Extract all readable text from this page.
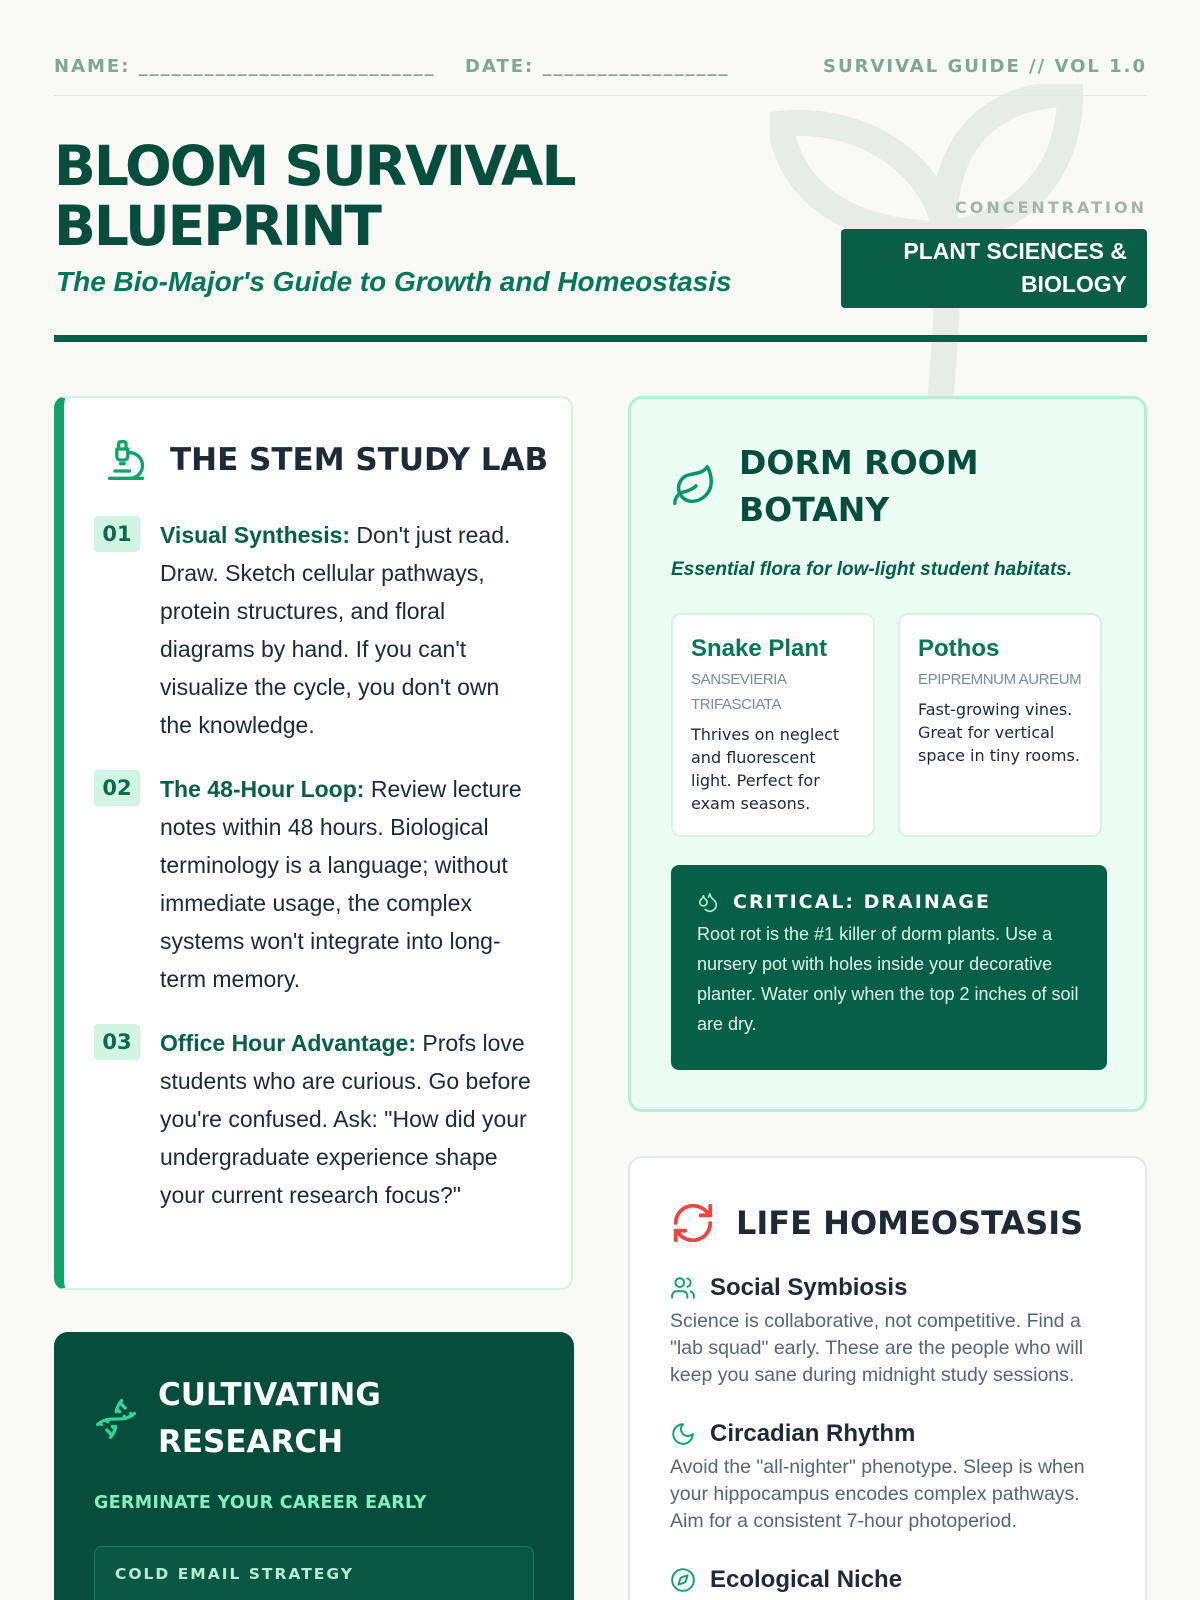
NAME: ___________________________ DATE: _________________	SURVIVAL GUIDE // VOL 1.0
BLOOM SURVIVAL
BLUEPRINT
The Bio-Major's Guide to Growth and Homeostasis
CONCENTRATION
PLANT SCIENCES &
BIOLOGY
THE STEM STUDY LAB
01	Visual Synthesis: Don't just read. Draw. Sketch cellular pathways, protein structures, and floral diagrams by hand. If you can't visualize the cycle, you don't own the knowledge.
02	The 48-Hour Loop: Review lecture notes within 48 hours. Biological terminology is a language; without immediate usage, the complex systems won't integrate into long-term memory.
03	Office Hour Advantage: Profs love students who are curious. Go before you're confused. Ask: "How did your undergraduate experience shape your current research focus?"
DORM ROOM
BOTANY
Essential flora for low-light student habitats.
Snake Plant
SANSEVIERIA
TRIFASCIATA
Thrives on neglect and fluorescent light. Perfect for exam seasons.
Pothos
EPIPREMNUM AUREUM
Fast-growing vines. Great for vertical space in tiny rooms.
CRITICAL: DRAINAGE
Root rot is the #1 killer of dorm plants. Use a nursery pot with holes inside your decorative planter. Water only when the top 2 inches of soil are dry.
CULTIVATING
RESEARCH
GERMINATE YOUR CAREER EARLY
COLD EMAIL STRATEGY
LIFE HOMEOSTASIS
Social Symbiosis
Science is collaborative, not competitive. Find a "lab squad" early. These are the people who will keep you sane during midnight study sessions.
Circadian Rhythm
Avoid the "all-nighter" phenotype. Sleep is when your hippocampus encodes complex pathways. Aim for a consistent 7-hour photoperiod.
Ecological Niche
